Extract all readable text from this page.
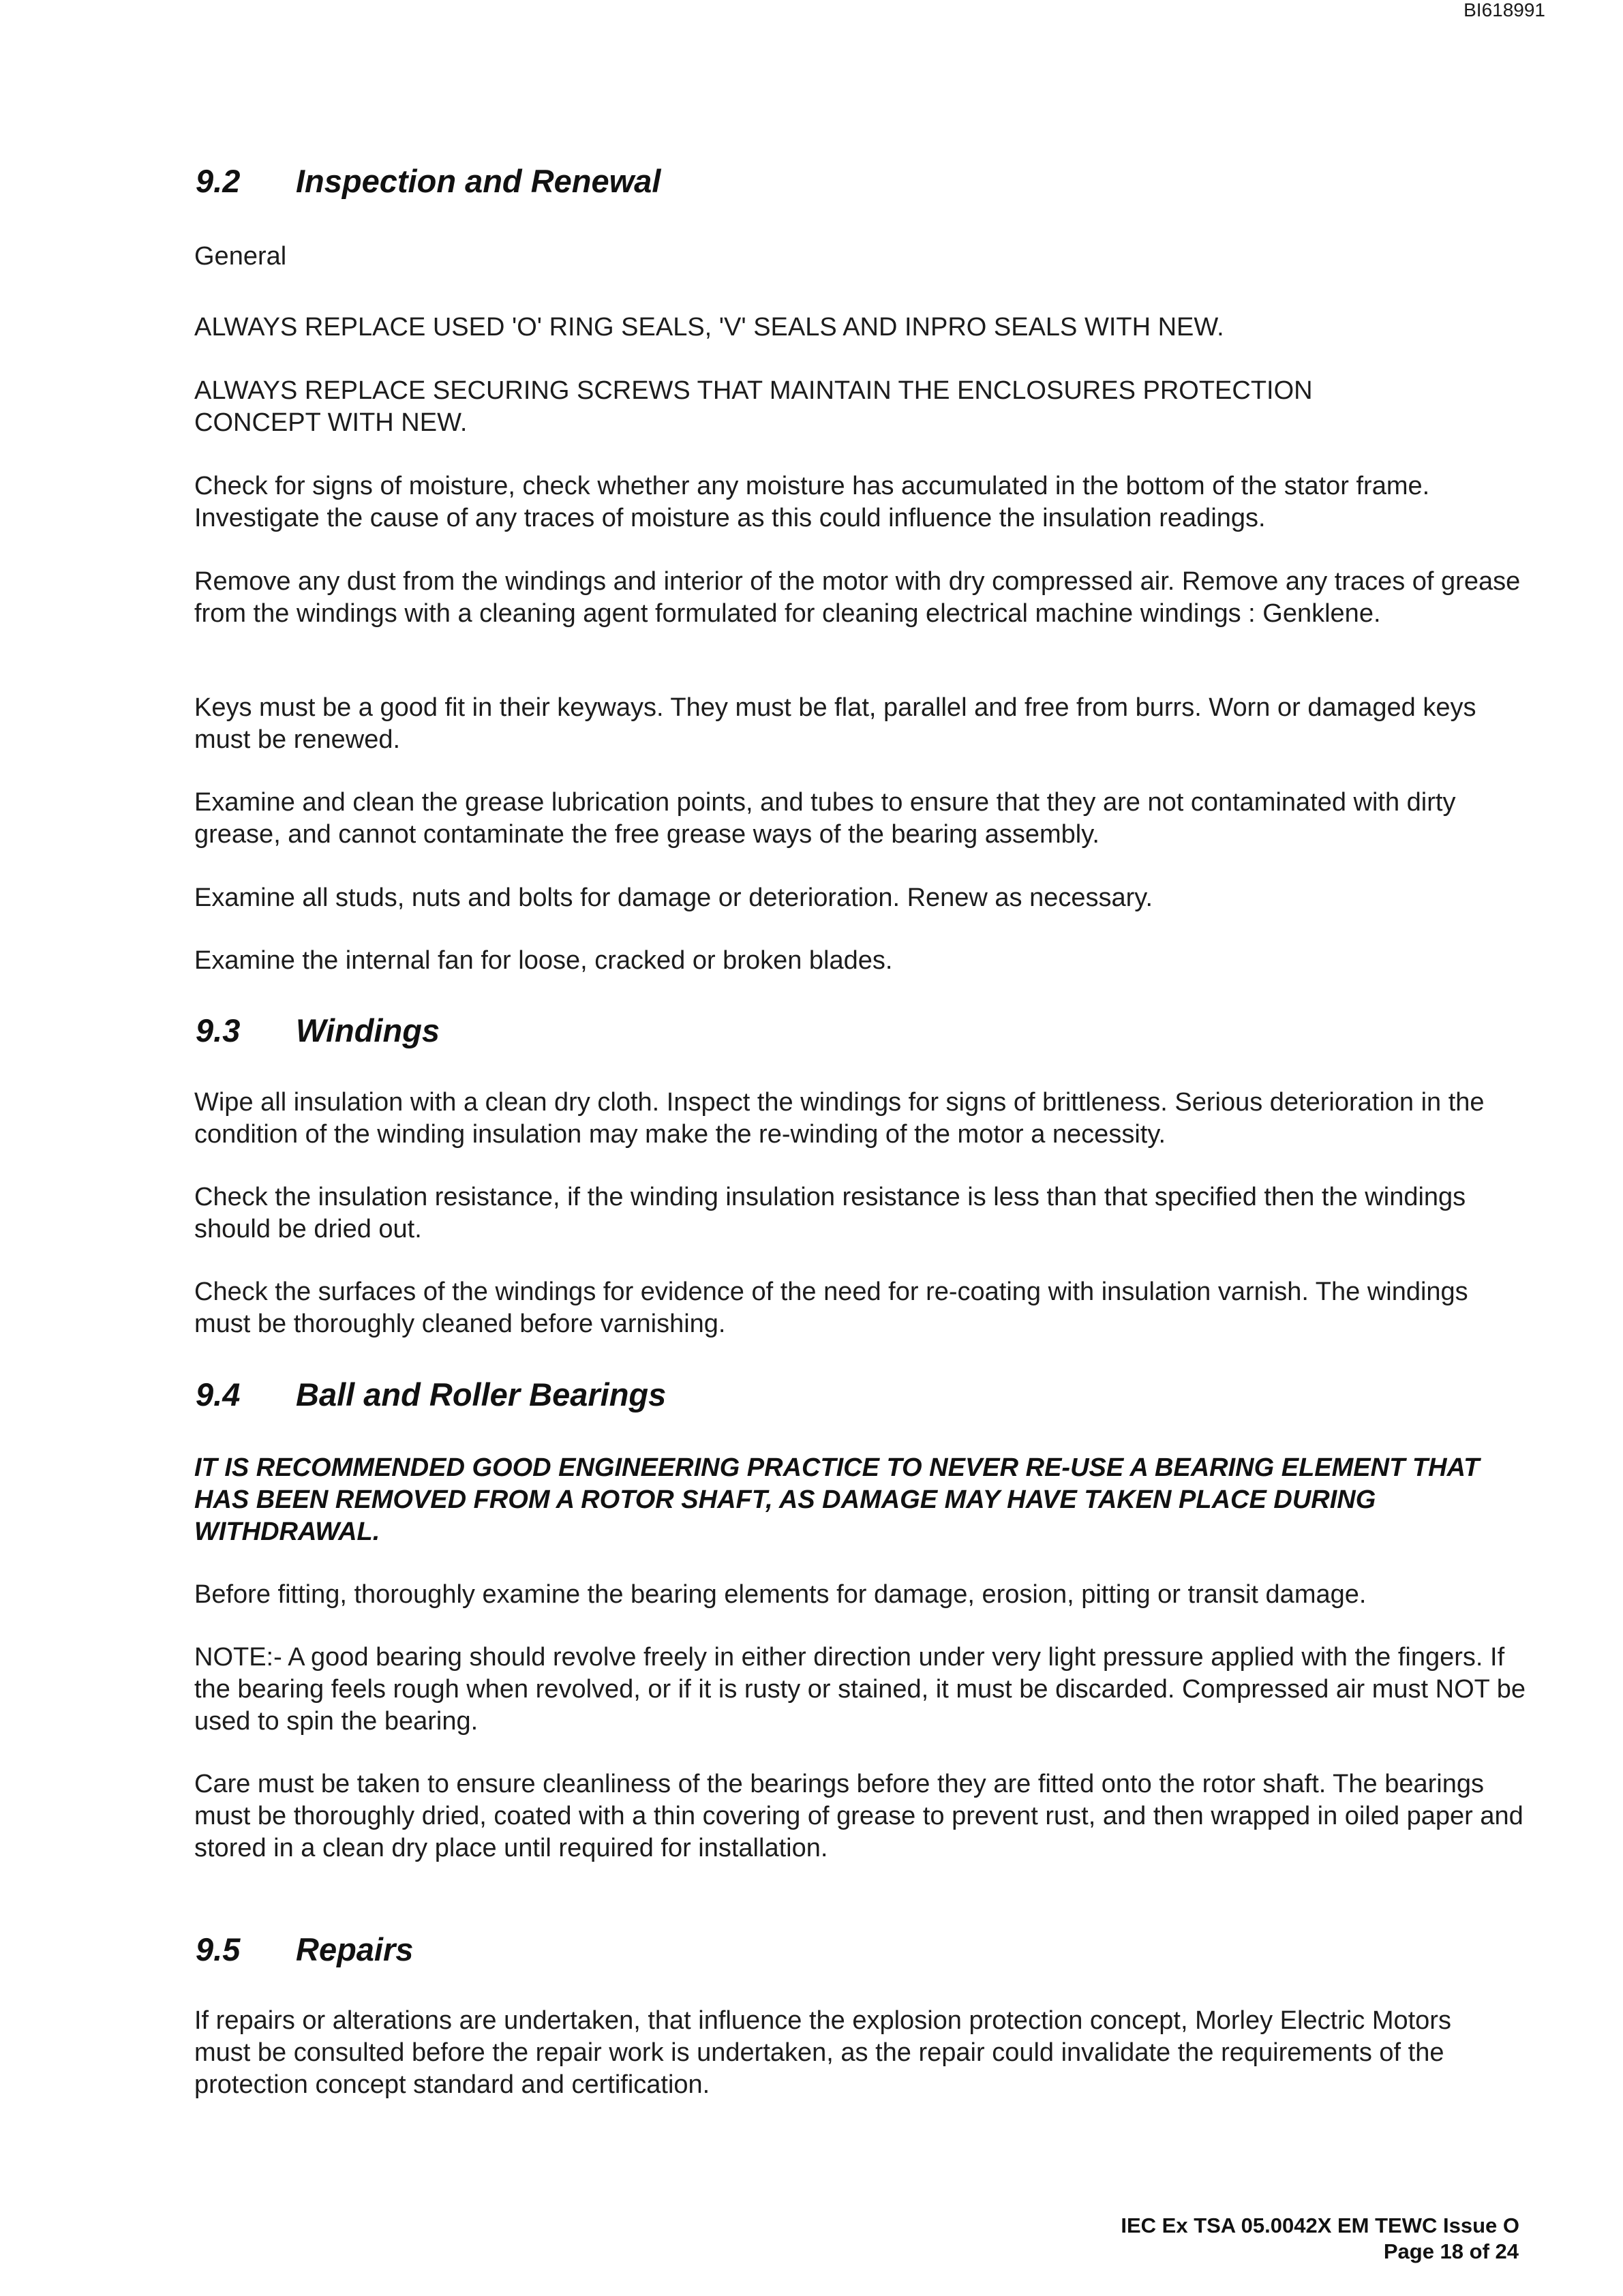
BI618991
9.2 Inspection and Renewal

General

ALWAYS REPLACE USED 'O' RING SEALS, 'V' SEALS AND INPRO SEALS WITH NEW.

ALWAYS REPLACE SECURING SCREWS THAT MAINTAIN THE ENCLOSURES PROTECTION CONCEPT WITH NEW.

Check for signs of moisture, check whether any moisture has accumulated in the bottom of the stator frame. Investigate the cause of any traces of moisture as this could influence the insulation readings.

Remove any dust from the windings and interior of the motor with dry compressed air. Remove any traces of grease from the windings with a cleaning agent formulated for cleaning electrical machine windings : Genklene.

Keys must be a good fit in their keyways. They must be flat, parallel and free from burrs. Worn or damaged keys must be renewed.

Examine and clean the grease lubrication points, and tubes to ensure that they are not contaminated with dirty grease, and cannot contaminate the free grease ways of the bearing assembly.

Examine all studs, nuts and bolts for damage or deterioration. Renew as necessary.

Examine the internal fan for loose, cracked or broken blades.

9.3 Windings

Wipe all insulation with a clean dry cloth. Inspect the windings for signs of brittleness. Serious deterioration in the condition of the winding insulation may make the re-winding of the motor a necessity.

Check the insulation resistance, if the winding insulation resistance is less than that specified then the windings should be dried out.

Check the surfaces of the windings for evidence of the need for re-coating with insulation varnish. The windings must be thoroughly cleaned before varnishing.

9.4 Ball and Roller Bearings

IT IS RECOMMENDED GOOD ENGINEERING PRACTICE TO NEVER RE-USE A BEARING ELEMENT THAT HAS BEEN REMOVED FROM A ROTOR SHAFT, AS DAMAGE MAY HAVE TAKEN PLACE DURING WITHDRAWAL.

Before fitting, thoroughly examine the bearing elements for damage, erosion, pitting or transit damage.

NOTE:- A good bearing should revolve freely in either direction under very light pressure applied with the fingers. If the bearing feels rough when revolved, or if it is rusty or stained, it must be discarded. Compressed air must NOT be used to spin the bearing.

Care must be taken to ensure cleanliness of the bearings before they are fitted onto the rotor shaft. The bearings must be thoroughly dried, coated with a thin covering of grease to prevent rust, and then wrapped in oiled paper and stored in a clean dry place until required for installation.

9.5 Repairs

If repairs or alterations are undertaken, that influence the explosion protection concept, Morley Electric Motors must be consulted before the repair work is undertaken, as the repair could invalidate the requirements of the protection concept standard and certification.

IEC Ex TSA 05.0042X EM TEWC Issue O
Page 18 of 24
